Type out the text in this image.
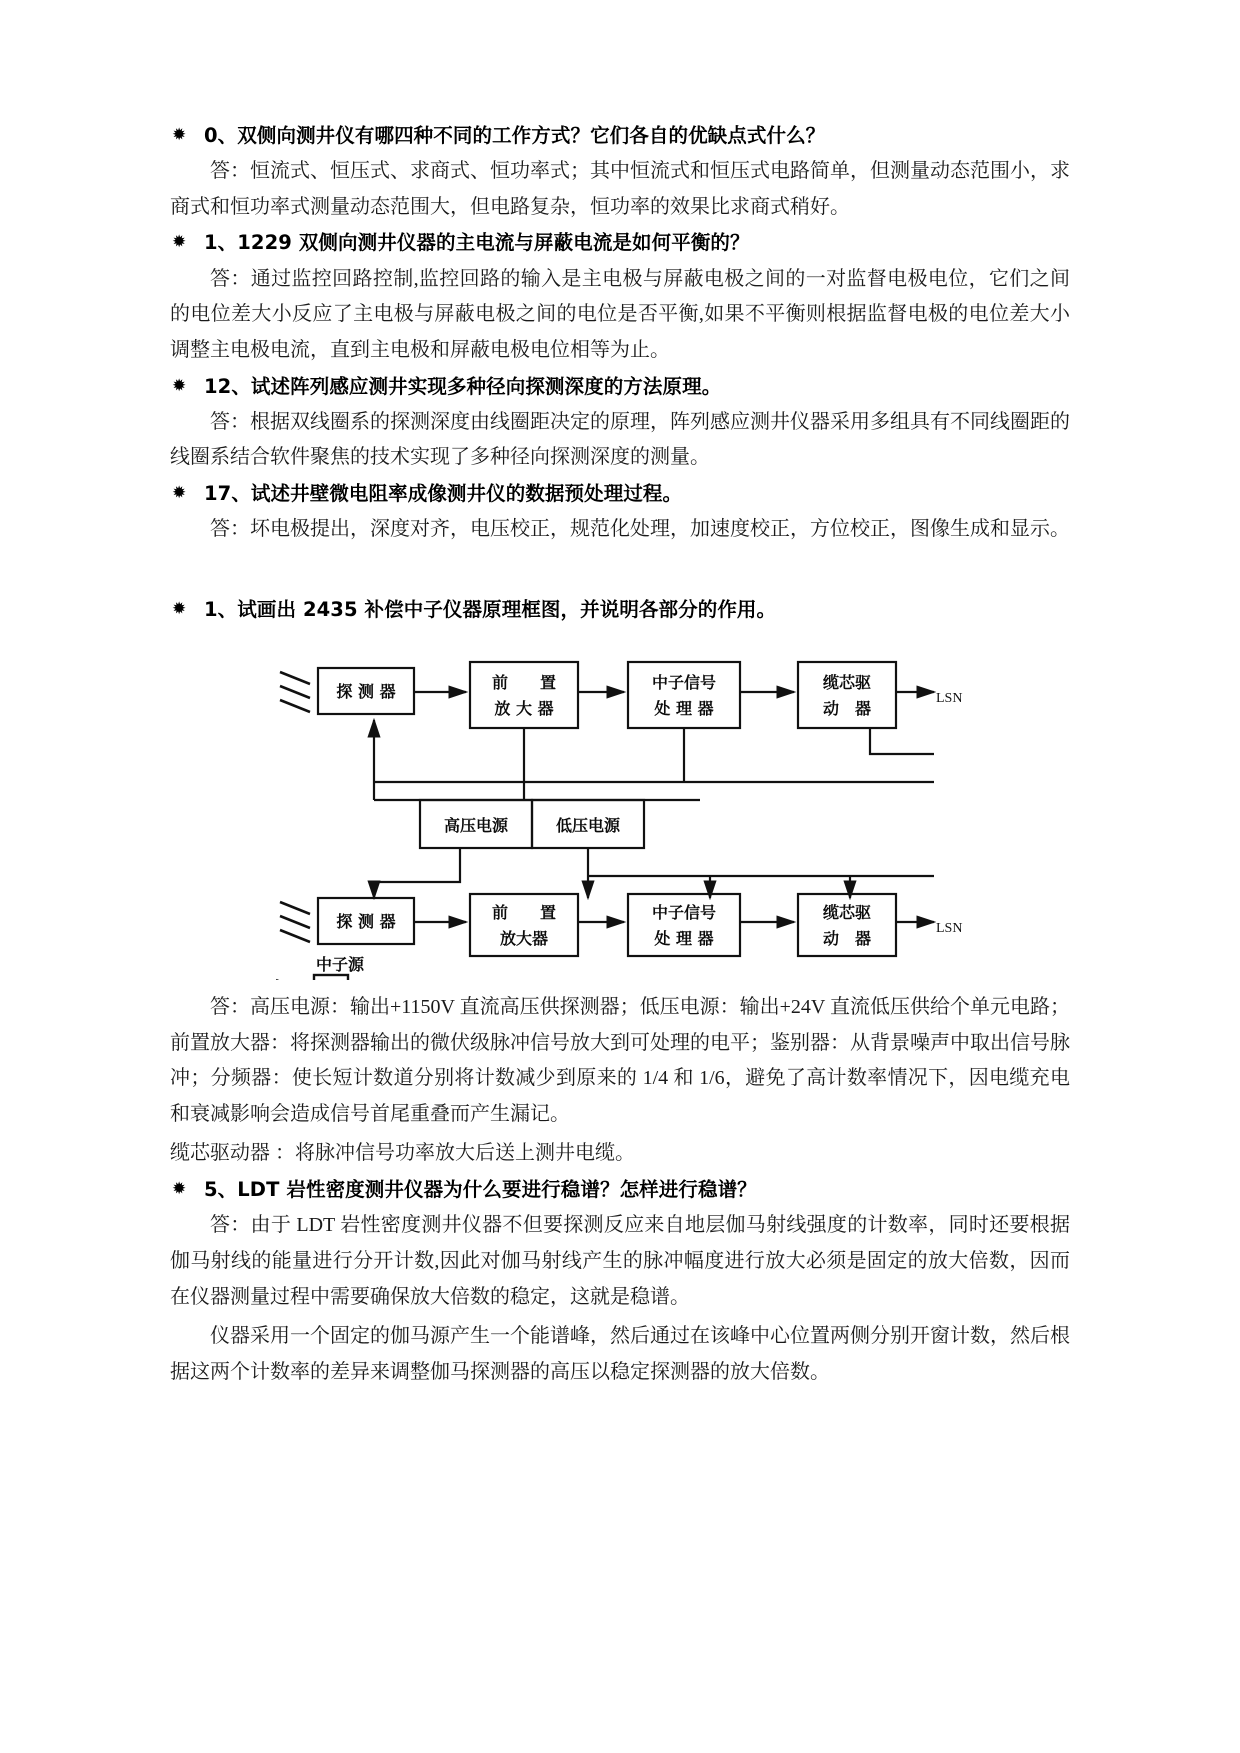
✹ 0、双侧向测井仪有哪四种不同的工作方式？它们各自的优缺点式什么？

答：恒流式、恒压式、求商式、恒功率式；其中恒流式和恒压式电路简单，但测量动态范围小，求商式和恒功率式测量动态范围大，但电路复杂，恒功率的效果比求商式稍好。

✹ 1、1229 双侧向测井仪器的主电流与屏蔽电流是如何平衡的？

答：通过监控回路控制,监控回路的输入是主电极与屏蔽电极之间的一对监督电极电位，它们之间的电位差大小反应了主电极与屏蔽电极之间的电位是否平衡,如果不平衡则根据监督电极的电位差大小调整主电极电流，直到主电极和屏蔽电极电位相等为止。

✹ 12、试述阵列感应测井实现多种径向探测深度的方法原理。

答：根据双线圈系的探测深度由线圈距决定的原理，阵列感应测井仪器采用多组具有不同线圈距的线圈系结合软件聚焦的技术实现了多种径向探测深度的测量。

✹ 17、试述井壁微电阻率成像测井仪的数据预处理过程。

答：坏电极提出，深度对齐，电压校正，规范化处理，加速度校正，方位校正，图像生成和显示。

✹ 1、试画出 2435 补偿中子仪器原理框图，并说明各部分的作用。
探 测 器	前　　置
放 大 器
中子信号
处 理 器
缆芯驱
动　器
LSN
高压电源	低压电源
探 测 器	前　　置
放大器
中子信号
处 理 器
缆芯驱
动　器
LSN
中子源

答：高压电源：输出+1150V 直流高压供探测器；低压电源：输出+24V 直流低压供给个单元电路；前置放大器：将探测器输出的微伏级脉冲信号放大到可处理的电平；鉴别器：从背景噪声中取出信号脉冲；分频器：使长短计数道分别将计数减少到原来的 1/4 和 1/6，避免了高计数率情况下，因电缆充电和衰减影响会造成信号首尾重叠而产生漏记。

缆芯驱动器 ：将脉冲信号功率放大后送上测井电缆。

✹ 5、LDT 岩性密度测井仪器为什么要进行稳谱？怎样进行稳谱？

答：由于 LDT 岩性密度测井仪器不但要探测反应来自地层伽马射线强度的计数率，同时还要根据伽马射线的能量进行分开计数,因此对伽马射线产生的脉冲幅度进行放大必须是固定的放大倍数，因而在仪器测量过程中需要确保放大倍数的稳定，这就是稳谱。

仪器采用一个固定的伽马源产生一个能谱峰，然后通过在该峰中心位置两侧分别开窗计数，然后根据这两个计数率的差异来调整伽马探测器的高压以稳定探测器的放大倍数。
